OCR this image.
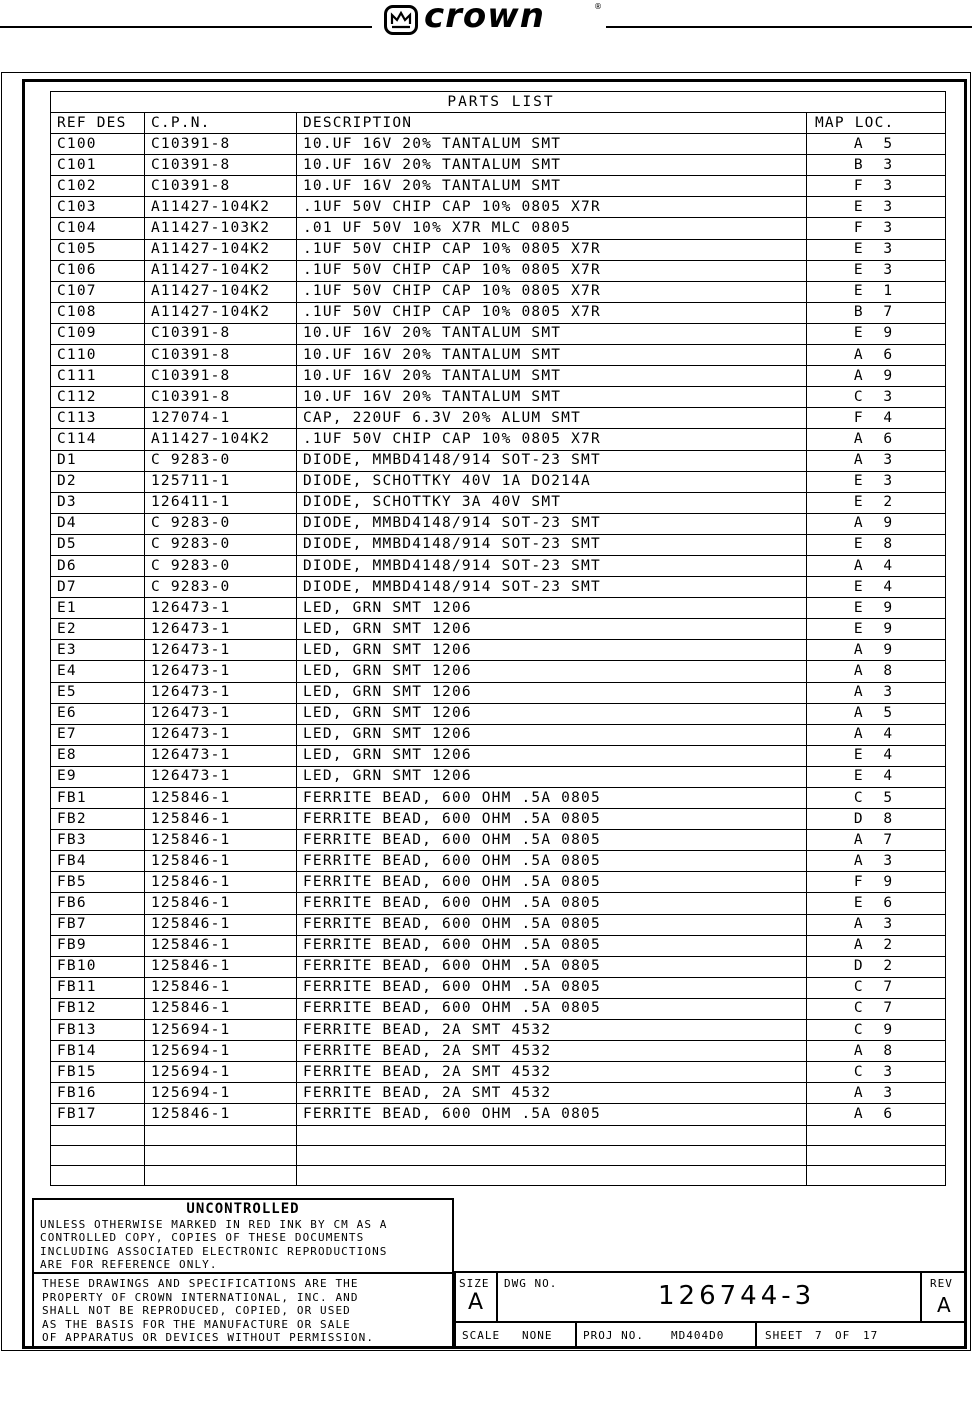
crown	®
PARTS LIST			
REF DES	C.P.N.	DESCRIPTION	MAP LOC.
C100	C10391-8	10.UF 16V 20% TANTALUM SMT	A 5
C101	C10391-8	10.UF 16V 20% TANTALUM SMT	B 3
C102	C10391-8	10.UF 16V 20% TANTALUM SMT	F 3
C103	A11427-104K2	.1UF 50V CHIP CAP 10% 0805 X7R	E 3
C104	A11427-103K2	.01 UF 50V 10% X7R MLC 0805	F 3
C105	A11427-104K2	.1UF 50V CHIP CAP 10% 0805 X7R	E 3
C106	A11427-104K2	.1UF 50V CHIP CAP 10% 0805 X7R	E 3
C107	A11427-104K2	.1UF 50V CHIP CAP 10% 0805 X7R	E 1
C108	A11427-104K2	.1UF 50V CHIP CAP 10% 0805 X7R	B 7
C109	C10391-8	10.UF 16V 20% TANTALUM SMT	E 9
C110	C10391-8	10.UF 16V 20% TANTALUM SMT	A 6
C111	C10391-8	10.UF 16V 20% TANTALUM SMT	A 9
C112	C10391-8	10.UF 16V 20% TANTALUM SMT	C 3
C113	127074-1	CAP, 220UF 6.3V 20% ALUM SMT	F 4
C114	A11427-104K2	.1UF 50V CHIP CAP 10% 0805 X7R	A 6
D1	C 9283-0	DIODE, MMBD4148/914 SOT-23 SMT	A 3
D2	125711-1	DIODE, SCHOTTKY 40V 1A DO214A	E 3
D3	126411-1	DIODE, SCHOTTKY 3A 40V SMT	E 2
D4	C 9283-0	DIODE, MMBD4148/914 SOT-23 SMT	A 9
D5	C 9283-0	DIODE, MMBD4148/914 SOT-23 SMT	E 8
D6	C 9283-0	DIODE, MMBD4148/914 SOT-23 SMT	A 4
D7	C 9283-0	DIODE, MMBD4148/914 SOT-23 SMT	E 4
E1	126473-1	LED, GRN SMT 1206	E 9
E2	126473-1	LED, GRN SMT 1206	E 9
E3	126473-1	LED, GRN SMT 1206	A 9
E4	126473-1	LED, GRN SMT 1206	A 8
E5	126473-1	LED, GRN SMT 1206	A 3
E6	126473-1	LED, GRN SMT 1206	A 5
E7	126473-1	LED, GRN SMT 1206	A 4
E8	126473-1	LED, GRN SMT 1206	E 4
E9	126473-1	LED, GRN SMT 1206	E 4
FB1	125846-1	FERRITE BEAD, 600 OHM .5A 0805	C 5
FB2	125846-1	FERRITE BEAD, 600 OHM .5A 0805	D 8
FB3	125846-1	FERRITE BEAD, 600 OHM .5A 0805	A 7
FB4	125846-1	FERRITE BEAD, 600 OHM .5A 0805	A 3
FB5	125846-1	FERRITE BEAD, 600 OHM .5A 0805	F 9
FB6	125846-1	FERRITE BEAD, 600 OHM .5A 0805	E 6
FB7	125846-1	FERRITE BEAD, 600 OHM .5A 0805	A 3
FB9	125846-1	FERRITE BEAD, 600 OHM .5A 0805	A 2
FB10	125846-1	FERRITE BEAD, 600 OHM .5A 0805	D 2
FB11	125846-1	FERRITE BEAD, 600 OHM .5A 0805	C 7
FB12	125846-1	FERRITE BEAD, 600 OHM .5A 0805	C 7
FB13	125694-1	FERRITE BEAD, 2A SMT 4532	C 9
FB14	125694-1	FERRITE BEAD, 2A SMT 4532	A 8
FB15	125694-1	FERRITE BEAD, 2A SMT 4532	C 3
FB16	125694-1	FERRITE BEAD, 2A SMT 4532	A 3
FB17	125846-1	FERRITE BEAD, 600 OHM .5A 0805	A 6

UNCONTROLLED
UNLESS OTHERWISE MARKED IN RED INK BY CM AS A
CONTROLLED COPY, COPIES OF THESE DOCUMENTS
INCLUDING ASSOCIATED ELECTRONIC REPRODUCTIONS
ARE FOR REFERENCE ONLY.
THESE DRAWINGS AND SPECIFICATIONS ARE THE
PROPERTY OF CROWN INTERNATIONAL, INC. AND
SHALL NOT BE REPRODUCED, COPIED, OR USED
AS THE BASIS FOR THE MANUFACTURE OR SALE
OF APPARATUS OR DEVICES WITHOUT PERMISSION.
SIZE
A
DWG NO.	126744-3	REV
A
SCALE NONE	PROJ NO. MD404D0	SHEET 7 OF 17
